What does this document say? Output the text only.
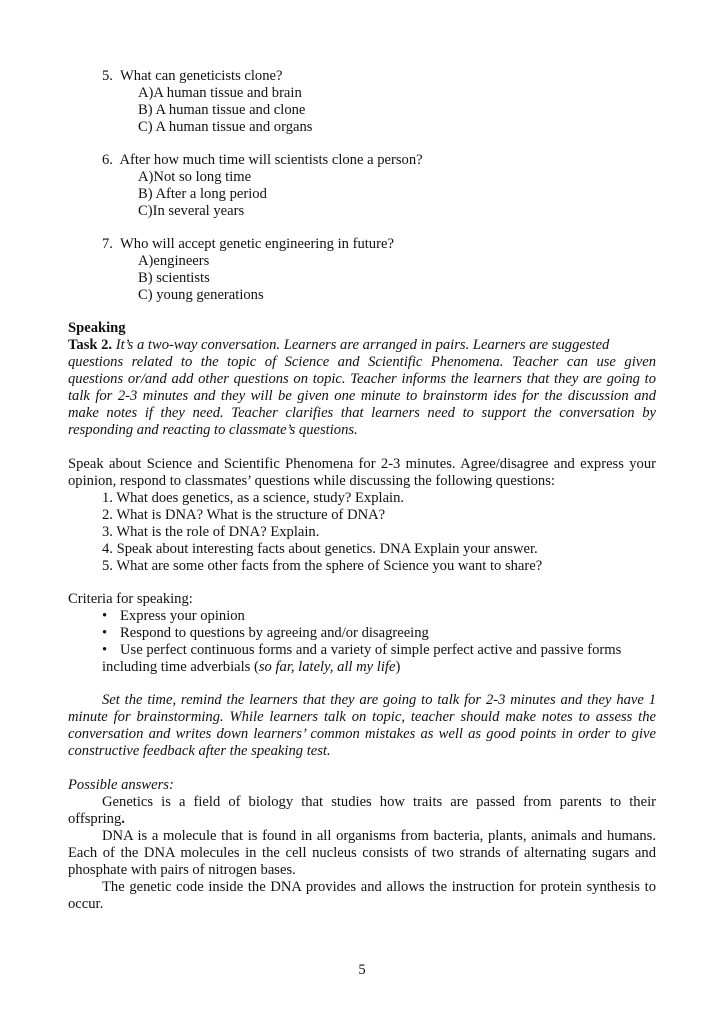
5. What can geneticists clone?
A)A human tissue and brain
B) A human tissue and clone
C) A human tissue and organs
6. After how much time will scientists clone a person?
A)Not so long time
B) After a long period
C)In several years
7. Who will accept genetic engineering in future?
A)engineers
B) scientists
C) young generations
Speaking
Task 2. It’s a two-way conversation. Learners are arranged in pairs. Learners are suggested
questions related to the topic of Science and Scientific Phenomena. Teacher can use given
questions or/and add other questions on topic. Teacher informs the learners that they are going to
talk for 2-3 minutes and they will be given one minute to brainstorm ides for the discussion and
make notes if they need. Teacher clarifies that learners need to support the conversation by
responding and reacting to classmate’s questions.
Speak about Science and Scientific Phenomena for 2-3 minutes. Agree/disagree and express your
opinion, respond to classmates’ questions while discussing the following questions:
1. What does genetics, as a science, study? Explain.
2. What is DNA? What is the structure of DNA?
3. What is the role of DNA? Explain.
4. Speak about interesting facts about genetics. DNA Explain your answer.
5. What are some other facts from the sphere of Science you want to share?
Criteria for speaking:
• Express your opinion
• Respond to questions by agreeing and/or disagreeing
• Use perfect continuous forms and a variety of simple perfect active and passive forms
including time adverbials (so far, lately, all my life)
Set the time, remind the learners that they are going to talk for 2-3 minutes and they have 1
minute for brainstorming. While learners talk on topic, teacher should make notes to assess the
conversation and writes down learners’ common mistakes as well as good points in order to give
constructive feedback after the speaking test.
Possible answers:
Genetics is a field of biology that studies how traits are passed from parents to their
offspring.
DNA is a molecule that is found in all organisms from bacteria, plants, animals and humans.
Each of the DNA molecules in the cell nucleus consists of two strands of alternating sugars and
phosphate with pairs of nitrogen bases.
The genetic code inside the DNA provides and allows the instruction for protein synthesis to
occur.
5
